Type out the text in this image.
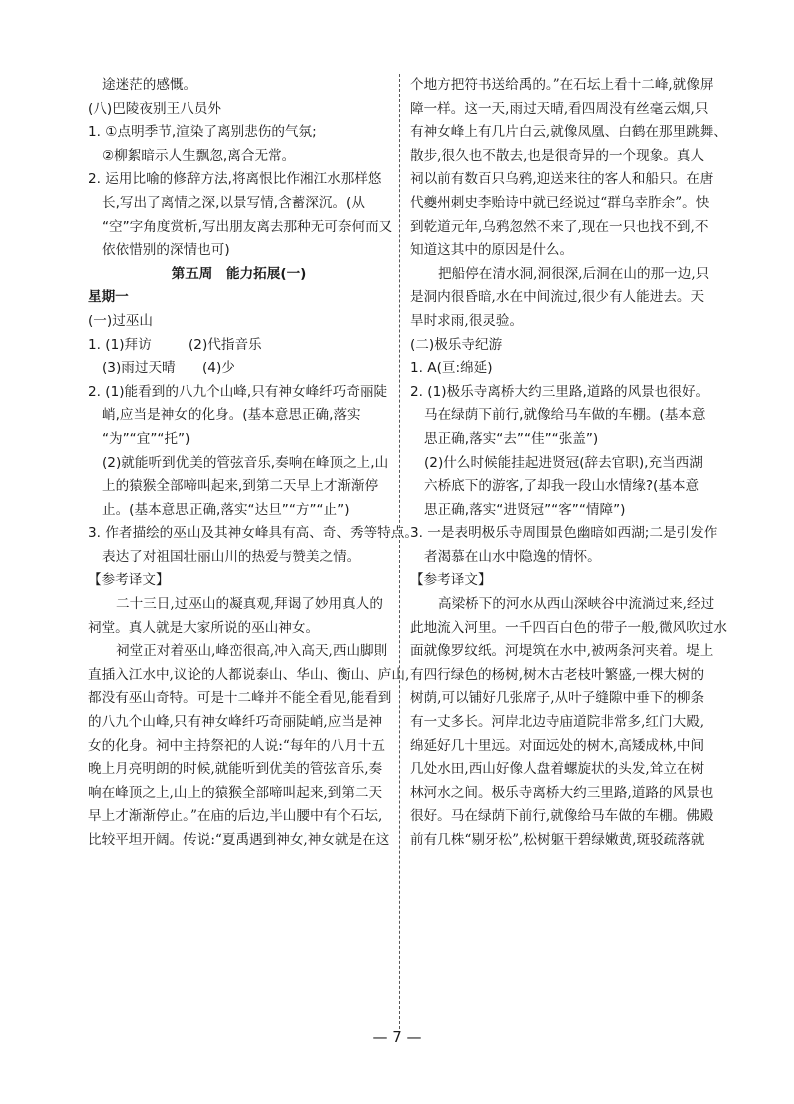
途迷茫的感慨。
(八)巴陵夜别王八员外
1. ①点明季节,渲染了离别悲伤的气氛;
②柳絮暗示人生飘忽,离合无常。
2. 运用比喻的修辞方法,将离恨比作湘江水那样悠
长,写出了离情之深,以景写情,含蓄深沉。(从
“空”字角度赏析,写出朋友离去那种无可奈何而又
依依惜别的深情也可)
第五周　能力拓展(一)
星期一
(一)过巫山
1. (1)拜访	(2)代指音乐
(3)雨过天晴 (4)少
2. (1)能看到的八九个山峰,只有神女峰纤巧奇丽陡
峭,应当是神女的化身。(基本意思正确,落实
“为”“宜”“托”)
(2)就能听到优美的管弦音乐,奏响在峰顶之上,山
上的猿猴全部啼叫起来,到第二天早上才渐渐停
止。(基本意思正确,落实“达旦”“方”“止”)
3. 作者描绘的巫山及其神女峰具有高、奇、秀等特点。
表达了对祖国壮丽山川的热爱与赞美之情。
【参考译文】
二十三日,过巫山的凝真观,拜谒了妙用真人的
祠堂。真人就是大家所说的巫山神女。
祠堂正对着巫山,峰峦很高,冲入高天,西山脚則
直插入江水中,议论的人都说泰山、华山、衡山、庐山,
都没有巫山奇特。可是十二峰并不能全看见,能看到
的八九个山峰,只有神女峰纤巧奇丽陡峭,应当是神
女的化身。祠中主持祭祀的人说:“每年的八月十五
晚上月亮明朗的时候,就能听到优美的管弦音乐,奏
响在峰顶之上,山上的猿猴全部啼叫起来,到第二天
早上才渐渐停止。”在庙的后边,半山腰中有个石坛,
比较平坦开阔。传说:“夏禹遇到神女,神女就是在这
个地方把符书送给禹的。”在石坛上看十二峰,就像屏
障一样。这一天,雨过天晴,看四周没有丝毫云烟,只
有神女峰上有几片白云,就像凤凰、白鹤在那里跳舞、
散步,很久也不散去,也是很奇异的一个现象。真人
祠以前有数百只乌鸦,迎送来往的客人和船只。在唐
代夔州刺史李贻诗中就已经说过“群乌幸胙余”。快
到乾道元年,乌鸦忽然不来了,现在一只也找不到,不
知道这其中的原因是什么。
把船停在清水洞,洞很深,后洞在山的那一边,只
是洞内很昏暗,水在中间流过,很少有人能进去。天
旱时求雨,很灵验。
(二)极乐寺纪游
1. A(亘:绵延)
2. (1)极乐寺离桥大约三里路,道路的风景也很好。
马在绿荫下前行,就像给马车做的车棚。(基本意
思正确,落实“去”“佳”“张盖”)
(2)什么时候能挂起进贤冠(辞去官职),充当西湖
六桥底下的游客,了却我一段山水情缘?(基本意
思正确,落实“进贤冠”“客”“情障”)
3. 一是表明极乐寺周围景色幽暗如西湖;二是引发作
者渴慕在山水中隐逸的情怀。
【参考译文】
高梁桥下的河水从西山深峡谷中流淌过来,经过
此地流入河里。一千四百白色的带子一般,微风吹过水
面就像罗纹纸。河堤筑在水中,被两条河夹着。堤上
有四行绿色的杨树,树木古老枝叶繁盛,一棵大树的
树荫,可以铺好几张席子,从叶子缝隙中垂下的柳条
有一丈多长。河岸北边寺庙道院非常多,红门大殿,
绵延好几十里远。对面远处的树木,高矮成林,中间
几处水田,西山好像人盘着螺旋状的头发,耸立在树
林河水之间。极乐寺离桥大约三里路,道路的风景也
很好。马在绿荫下前行,就像给马车做的车棚。佛殿
前有几株“剔牙松”,松树躯干碧绿嫩黄,斑驳疏落就
— 7 —
